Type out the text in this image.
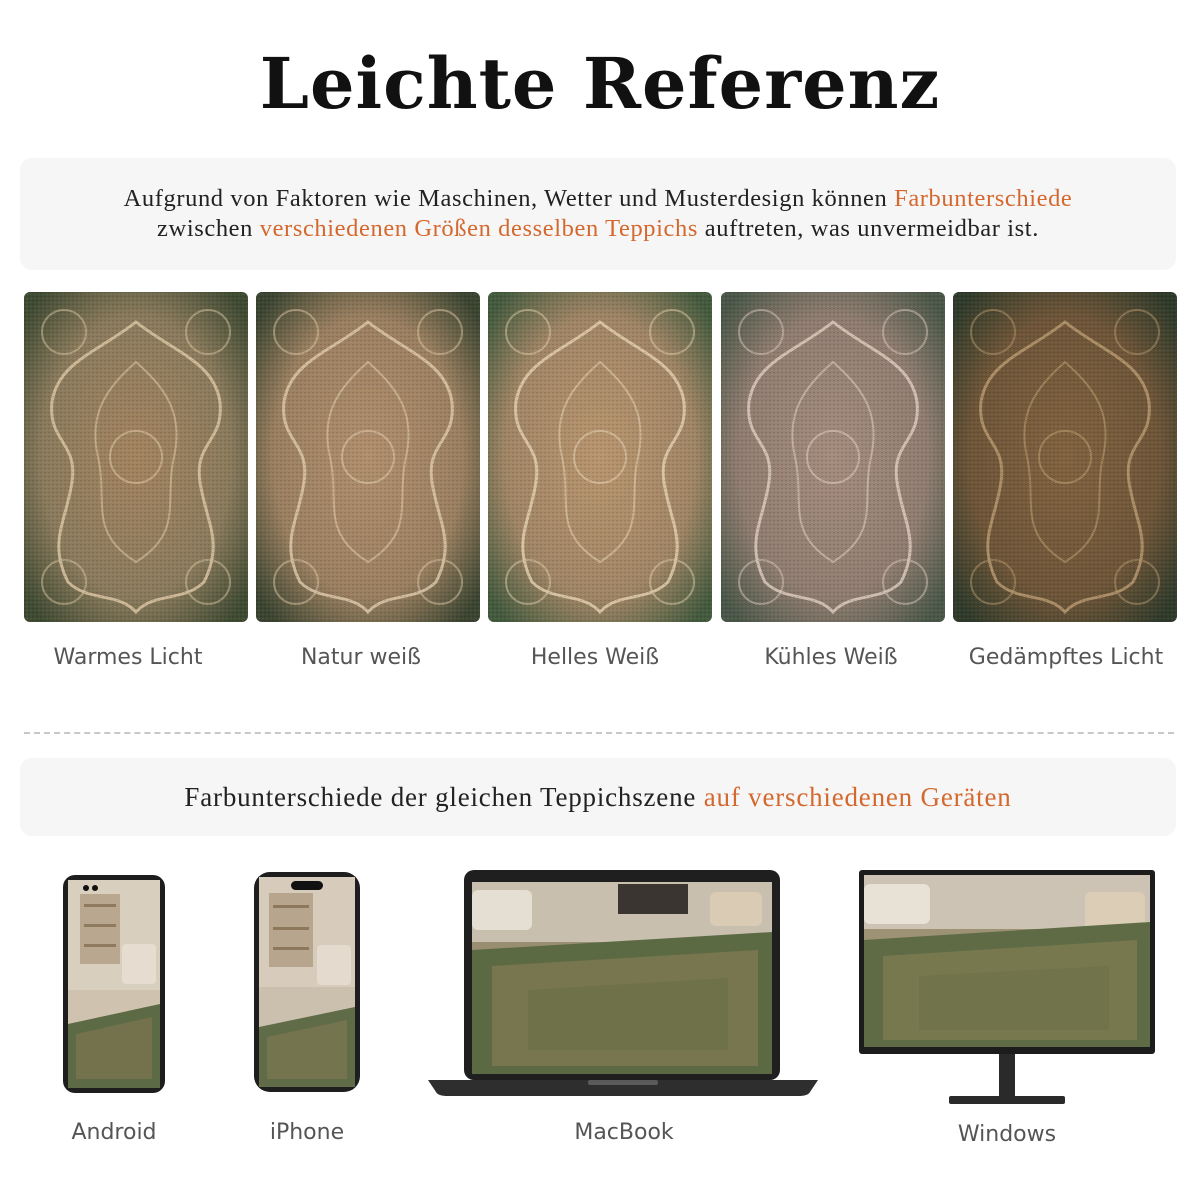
Leichte Referenz
Aufgrund von Faktoren wie Maschinen, Wetter und Musterdesign können Farbunterschiede
zwischen verschiedenen Größen desselben Teppichs auftreten, was unvermeidbar ist.
Warmes Licht	Natur weiß	Helles Weiß	Kühles Weiß	Gedämpftes Licht
Farbunterschiede der gleichen Teppichszene auf verschiedenen Geräten
Android	iPhone	MacBook	Windows
